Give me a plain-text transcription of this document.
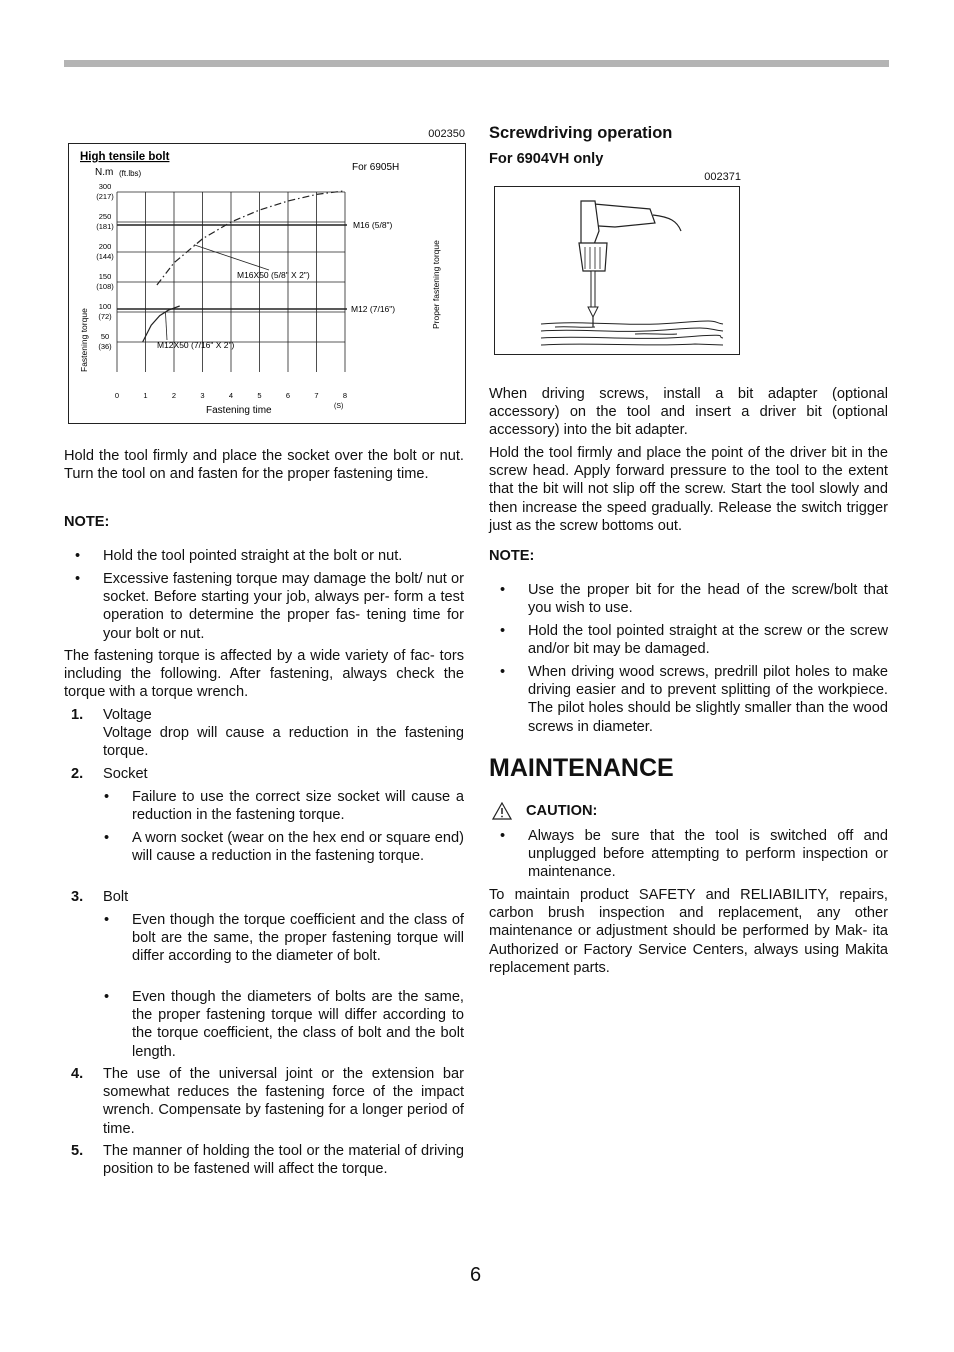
002350
High tensile bolt
N.m (ft.lbs)
For 6905H
Fastening torque
Proper fastening torque
Fastening time	(S)
M16 (5/8")
M12 (7/16")
0	1	2	3	4	5	6	7	8
50
(36)
100
(72)
150
(108)
200
(144)
250
(181)
300
(217)
M16X50 (5/8" X 2")
M12X50 (7/16" X 2")

Hold the tool firmly and place the socket over the bolt or nut. Turn the tool on and fasten for the proper fastening time.

NOTE:
• Hold the tool pointed straight at the bolt or nut.
• Excessive fastening torque may damage the bolt/ nut or socket. Before starting your job, always per- form a test operation to determine the proper fas- tening time for your bolt or nut.

The fastening torque is affected by a wide variety of fac- tors including the following. After fastening, always check the torque with a torque wrench.

1. Voltage
Voltage drop will cause a reduction in the fastening torque.
2. Socket
• Failure to use the correct size socket will cause a reduction in the fastening torque.
• A worn socket (wear on the hex end or square end) will cause a reduction in the fastening torque.
3. Bolt
• Even though the torque coefficient and the class of bolt are the same, the proper fastening torque will differ according to the diameter of bolt.
• Even though the diameters of bolts are the same, the proper fastening torque will differ according to the torque coefficient, the class of bolt and the bolt length.
4. The use of the universal joint or the extension bar somewhat reduces the fastening force of the impact wrench. Compensate by fastening for a longer period of time.
5. The manner of holding the tool or the material of driving position to be fastened will affect the torque.
Screwdriving operation
For 6904VH only
002371

When driving screws, install a bit adapter (optional accessory) on the tool and insert a driver bit (optional accessory) into the bit adapter.

Hold the tool firmly and place the point of the driver bit in the screw head. Apply forward pressure to the tool to the extent that the bit will not slip off the screw. Start the tool slowly and then increase the speed gradually. Release the switch trigger just as the screw bottoms out.

NOTE:
• Use the proper bit for the head of the screw/bolt that you wish to use.
• Hold the tool pointed straight at the screw or the screw and/or bit may be damaged.
• When driving wood screws, predrill pilot holes to make driving easier and to prevent splitting of the workpiece. The pilot holes should be slightly smaller than the wood screws in diameter.
MAINTENANCE
CAUTION:
• Always be sure that the tool is switched off and unplugged before attempting to perform inspection or maintenance.

To maintain product SAFETY and RELIABILITY, repairs, carbon brush inspection and replacement, any other maintenance or adjustment should be performed by Mak- ita Authorized or Factory Service Centers, always using Makita replacement parts.

6
